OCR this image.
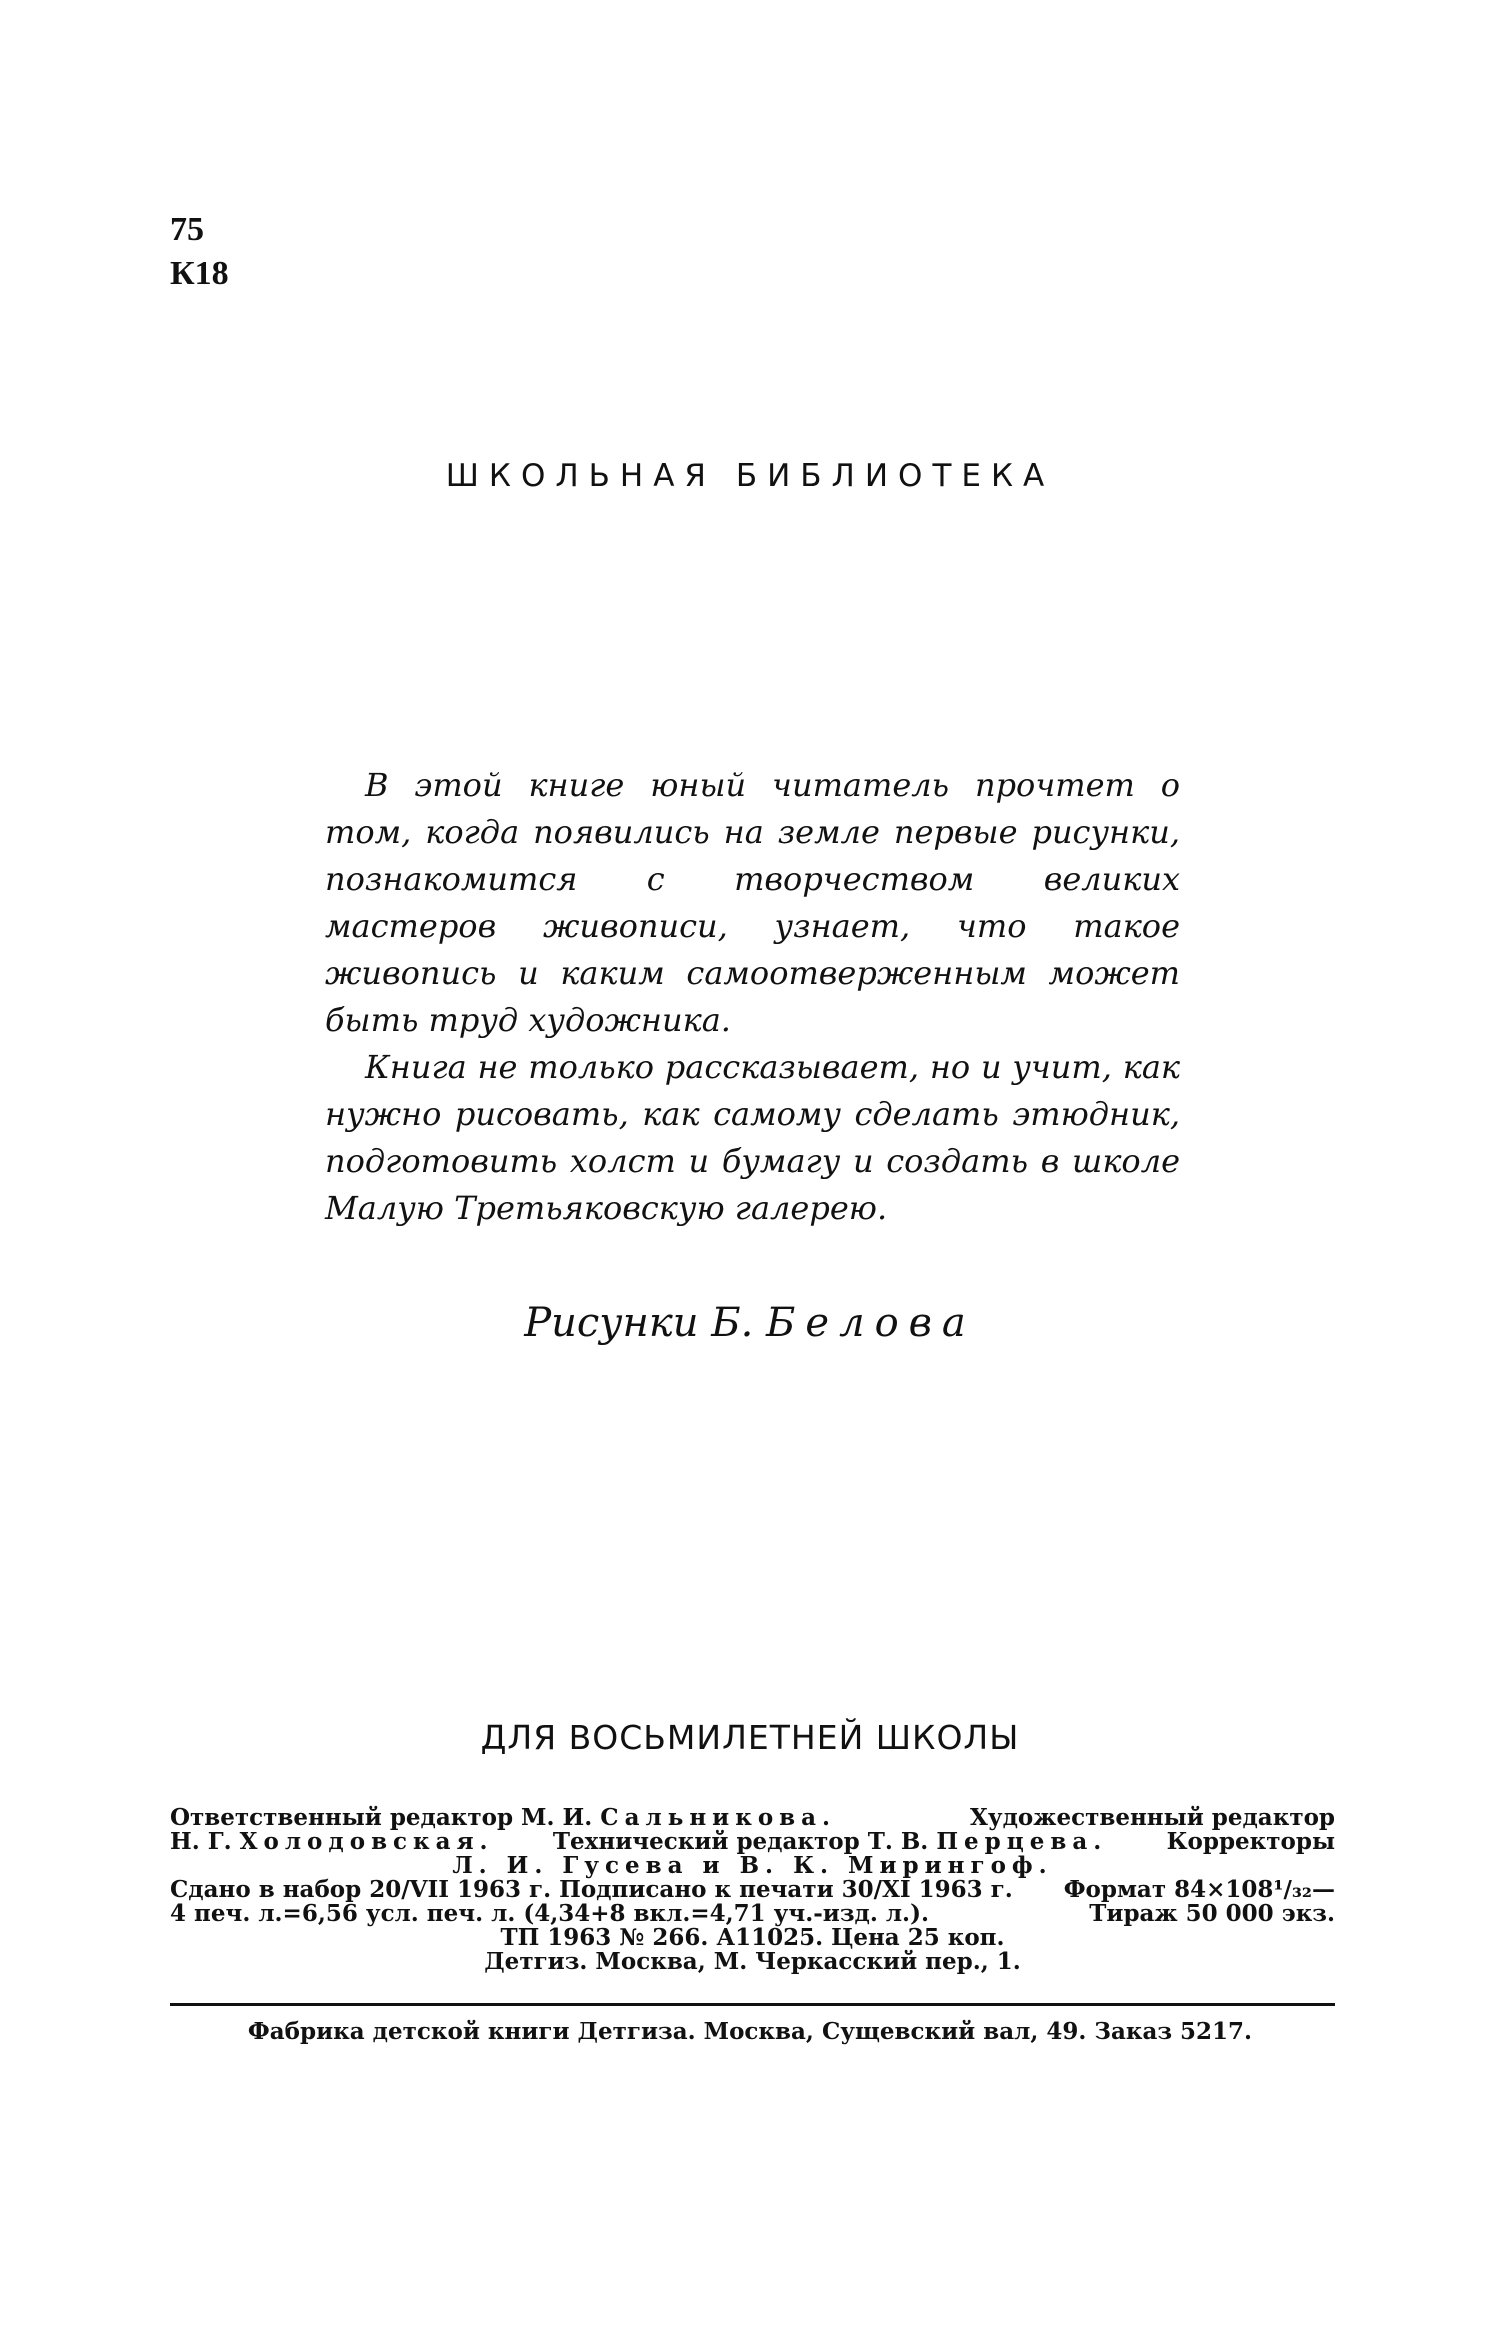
75
К18
ШКОЛЬНАЯ БИБЛИОТЕКА

В этой книге юный читатель прочтет о том, когда появились на земле первые рисунки, познакомится с творчеством великих мастеров живописи, узнает, что такое живопись и каким самоотверженным может быть труд художника.

Книга не только рассказывает, но и учит, как нужно рисовать, как самому сделать этюдник, подготовить холст и бумагу и создать в школе Малую Третьяковскую галерею.

Рисунки Б. Белова
ДЛЯ ВОСЬМИЛЕТНЕЙ ШКОЛЫ
Ответственный редактор М. И. Сальникова.	Художественный редактор
Н. Г. Холодовская.	Технический редактор Т. В. Перцева.	Корректоры
Л. И. Гусева и В. К. Мирингоф.
Сдано в набор 20/VII 1963 г. Подписано к печати 30/XI 1963 г. Формат 84×108¹/₃₂—
4 печ. л.=6,56 усл. печ. л. (4,34+8 вкл.=4,71 уч.-изд. л.).	Тираж 50 000 экз.
ТП 1963 № 266. А11025. Цена 25 коп.
Детгиз. Москва, М. Черкасский пер., 1.
Фабрика детской книги Детгиза. Москва, Сущевский вал, 49. Заказ 5217.
